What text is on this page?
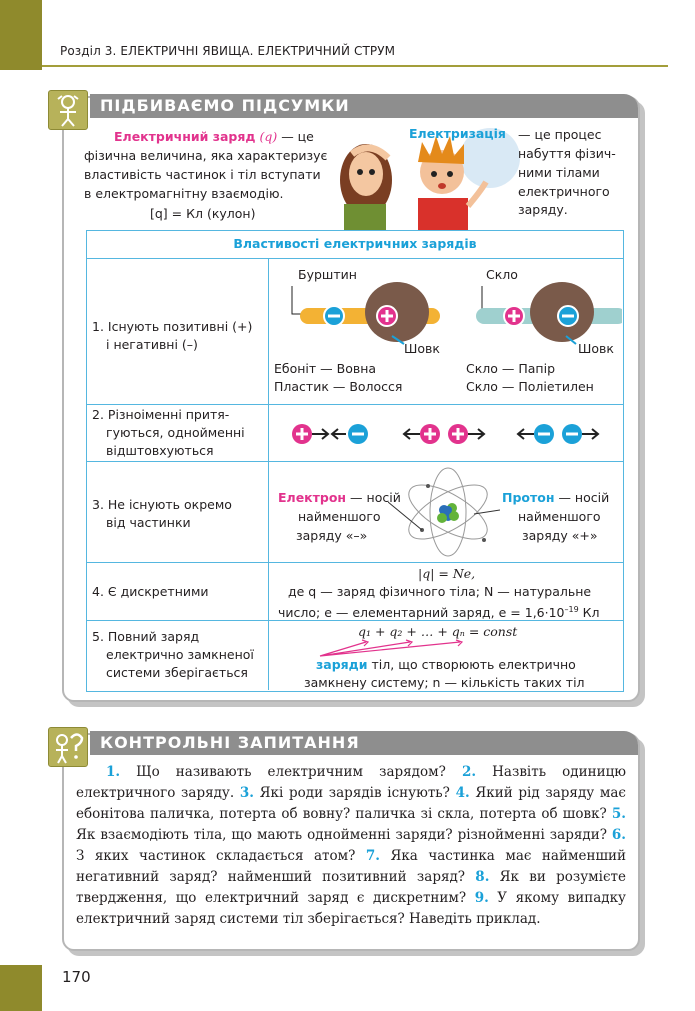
Розділ 3. ЕЛЕКТРИЧНІ ЯВИЩА. ЕЛЕКТРИЧНИЙ СТРУМ
ПІДБИВАЄМО ПІДСУМКИ
Електричний заряд (q) — це
фізична величина, яка характеризує
властивість частинок і тіл вступати
в електромагнітну взаємодію.
[q] = Кл (кулон)
Електризація — це процес
набуття фізич-
ними тілами
електричного
заряду.
Властивості електричних зарядів
1. Існують позитивні (+)
і негативні (–)
2. Різноіменні притя-
гуються, однойменні
відштовхуються
3. Не існують окремо
від частинки
4. Є дискретними
5. Повний заряд
електрично замкненої
системи зберігається
Бурштин	Скло
Шовк	Шовк
Ебоніт — Вовна
Пластик — Волосся
Скло — Папір
Скло — Поліетилен
Електрон — носій
найменшого
заряду «–»
Протон — носій
найменшого
заряду «+»
|q| = Ne,
де q — заряд фізичного тіла; N — натуральне
число; e — елементарний заряд, $e = 1,6\cdot 10^{-19}$ Кл
q₁ + q₂ + … + qₙ = const
заряди тіл, що створюють електричнo
замкнену систему; n — кількість таких тіл
КОНТРОЛЬНІ ЗАПИТАННЯ
1. Що називають електричним зарядом? 2. Назвіть одиницю електричного заряду. 3. Які роди зарядів існують? 4. Який рід заряду має ебонітова паличка, потерта об вовну? паличка зі скла, потерта об шовк? 5. Як взаємодіють тіла, що мають однойменні заряди? різнойменні заряди? 6. З яких частинок складається атом? 7. Яка частинка має найменший негативний заряд? найменший позитивний заряд? 8. Як ви розумієте твердження, що електричний заряд є дискретним? 9. У якому випадку електричний заряд системи тіл зберігається? Наведіть приклад.
170
